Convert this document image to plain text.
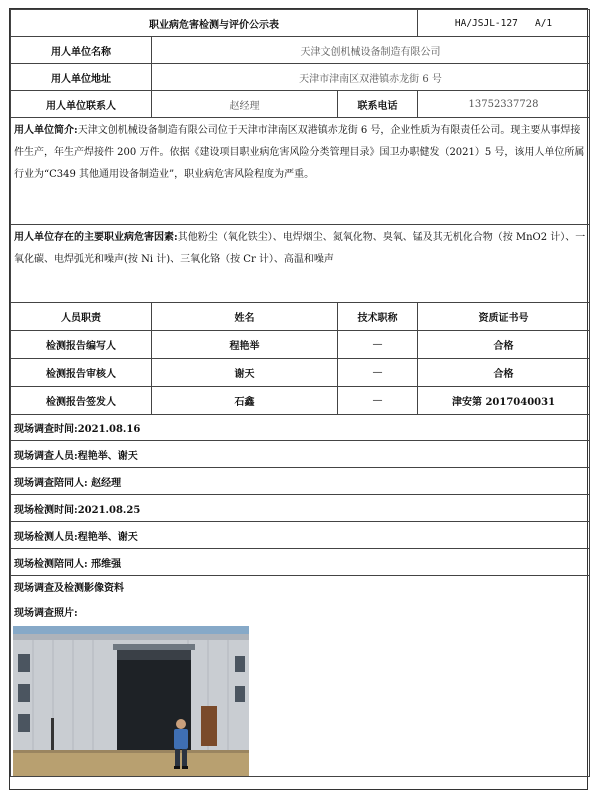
职业病危害检测与评价公示表			HA/JSJL-127 A/1
用人单位名称	天津文创机械设备制造有限公司		
用人单位地址	天津市津南区双港镇赤龙街 6 号		
用人单位联系人	赵经理	联系电话	13752337728
用人单位简介:天津文创机械设备制造有限公司位于天津市津南区双港镇赤龙街 6 号，企业性质为有限责任公司。现主要从事焊接件生产，年生产焊接件 200 万件。依据《建设项目职业病危害风险分类管理目录》国卫办职健发（2021）5 号，该用人单位所属行业为“C349 其他通用设备制造业”，职业病危害风险程度为严重。			
用人单位存在的主要职业病危害因素:其他粉尘（氧化铁尘）、电焊烟尘、氮氧化物、臭氧、锰及其无机化合物（按 MnO2 计）、一氧化碳、电焊弧光和噪声(按 Ni 计)、三氧化铬（按 Cr 计）、高温和噪声			
人员职责	姓名	技术职称	资质证书号
检测报告编写人	程艳举	—	合格
检测报告审核人	谢天	—	合格
检测报告签发人	石鑫	—	津安第 2017040031
现场调查时间:2021.08.16			
现场调查人员:程艳举、谢天			
现场调查陪同人: 赵经理			
现场检测时间:2021.08.25			
现场检测人员:程艳举、谢天			
现场检测陪同人: 邢维强			

现场调查及检测影像资料
现场调查照片:			
